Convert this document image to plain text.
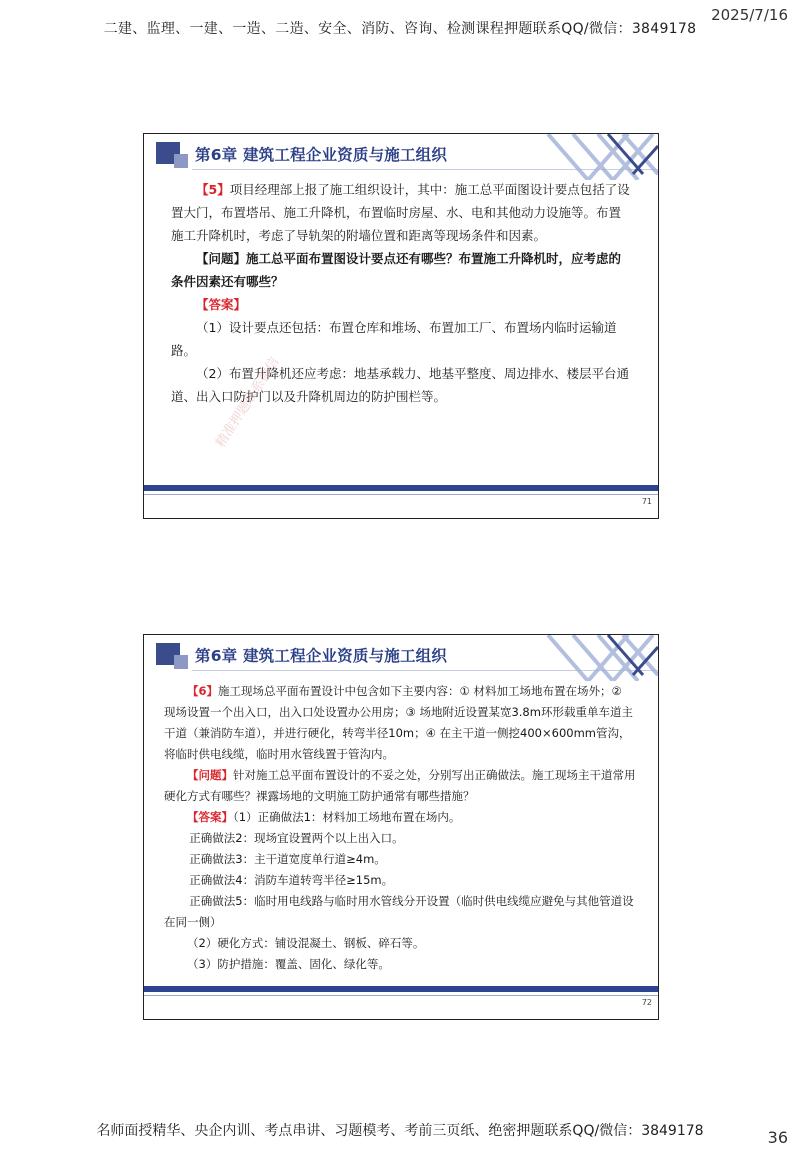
2025/7/16
二建、监理、一建、一造、二造、安全、消防、咨询、检测课程押题联系QQ/微信：3849178
第6章 建筑工程企业资质与施工组织

【5】项目经理部上报了施工组织设计，其中：施工总平面图设计要点包括了设置大门，布置塔吊、施工升降机，布置临时房屋、水、电和其他动力设施等。布置施工升降机时，考虑了导轨架的附墙位置和距离等现场条件和因素。

【问题】施工总平面布置图设计要点还有哪些？布置施工升降机时，应考虑的条件因素还有哪些？

【答案】

（1）设计要点还包括：布置仓库和堆场、布置加工厂、布置场内临时运输道路。

（2）布置升降机还应考虑：地基承载力、地基平整度、周边排水、楼层平台通道、出入口防护门以及升降机周边的防护围栏等。

71
精准押题联系微信
第6章 建筑工程企业资质与施工组织

【6】施工现场总平面布置设计中包含如下主要内容：① 材料加工场地布置在场外；② 现场设置一个出入口，出入口处设置办公用房；③ 场地附近设置某宽3.8m环形载重单车道主干道（兼消防车道），并进行硬化，转弯半径10m；④ 在主干道一侧挖400×600mm管沟，将临时供电线缆，临时用水管线置于管沟内。

【问题】针对施工总平面布置设计的不妥之处，分别写出正确做法。施工现场主干道常用硬化方式有哪些？裸露场地的文明施工防护通常有哪些措施？

【答案】（1）正确做法1：材料加工场地布置在场内。

正确做法2：现场宜设置两个以上出入口。

正确做法3：主干道宽度单行道≥4m。

正确做法4：消防车道转弯半径≥15m。

正确做法5：临时用电线路与临时用水管线分开设置（临时供电线缆应避免与其他管道设 在同一侧）

（2）硬化方式：铺设混凝土、钢板、碎石等。

（3）防护措施：覆盖、固化、绿化等。

72
名师面授精华、央企内训、考点串讲、习题模考、考前三页纸、绝密押题联系QQ/微信：3849178	36
